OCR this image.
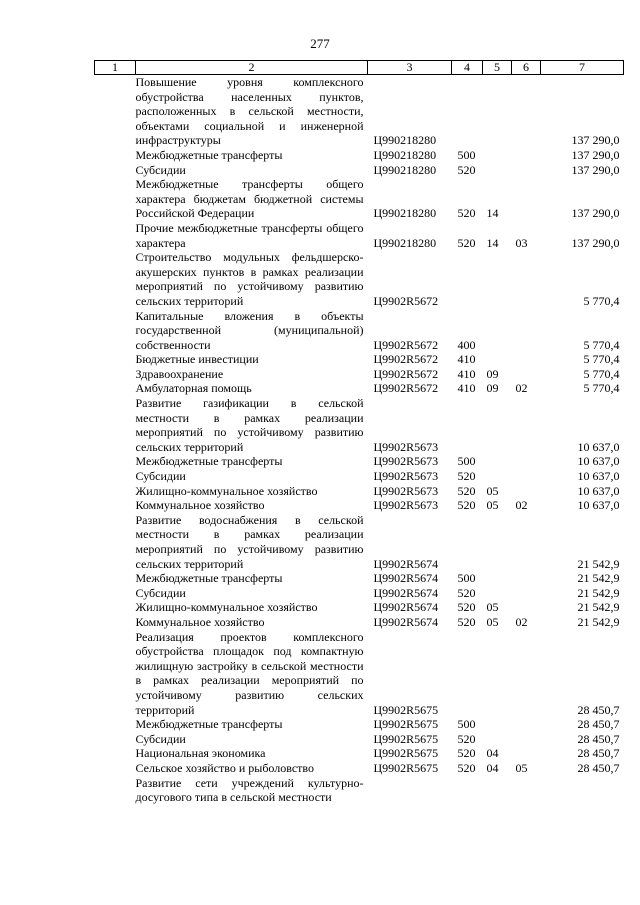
277
1	2	3	4	5	6	7
	Повышение уровня комплексного обустройства населенных пунктов, расположенных в сельской местности, объектами социальной и инженерной инфраструктуры	Ц990218280				137 290,0
	Межбюджетные трансферты	Ц990218280	500			137 290,0
	Субсидии	Ц990218280	520			137 290,0
	Межбюджетные трансферты общего характера бюджетам бюджетной системы Российской Федерации	Ц990218280	520	14		137 290,0
	Прочие межбюджетные трансферты общего характера	Ц990218280	520	14	03	137 290,0
	Строительство модульных фельдшерско-акушерских пунктов в рамках реализации мероприятий по устойчивому развитию сельских территорий	Ц9902R5672				5 770,4
	Капитальные вложения в объекты государственной (муниципальной) собственности	Ц9902R5672	400			5 770,4
	Бюджетные инвестиции	Ц9902R5672	410			5 770,4
	Здравоохранение	Ц9902R5672	410	09		5 770,4
	Амбулаторная помощь	Ц9902R5672	410	09	02	5 770,4
	Развитие газификации в сельской местности в рамках реализации мероприятий по устойчивому развитию сельских территорий	Ц9902R5673				10 637,0
	Межбюджетные трансферты	Ц9902R5673	500			10 637,0
	Субсидии	Ц9902R5673	520			10 637,0
	Жилищно-коммунальное хозяйство	Ц9902R5673	520	05		10 637,0
	Коммунальное хозяйство	Ц9902R5673	520	05	02	10 637,0
	Развитие водоснабжения в сельской местности в рамках реализации мероприятий по устойчивому развитию сельских территорий	Ц9902R5674				21 542,9
	Межбюджетные трансферты	Ц9902R5674	500			21 542,9
	Субсидии	Ц9902R5674	520			21 542,9
	Жилищно-коммунальное хозяйство	Ц9902R5674	520	05		21 542,9
	Коммунальное хозяйство	Ц9902R5674	520	05	02	21 542,9
	Реализация проектов комплексного обустройства площадок под компактную жилищную застройку в сельской местности в рамках реализации мероприятий по устойчивому развитию сельских территорий	Ц9902R5675				28 450,7
	Межбюджетные трансферты	Ц9902R5675	500			28 450,7
	Субсидии	Ц9902R5675	520			28 450,7
	Национальная экономика	Ц9902R5675	520	04		28 450,7
	Сельское хозяйство и рыболовство	Ц9902R5675	520	04	05	28 450,7
	Развитие сети учреждений культурно-досугового типа в сельской местности					
